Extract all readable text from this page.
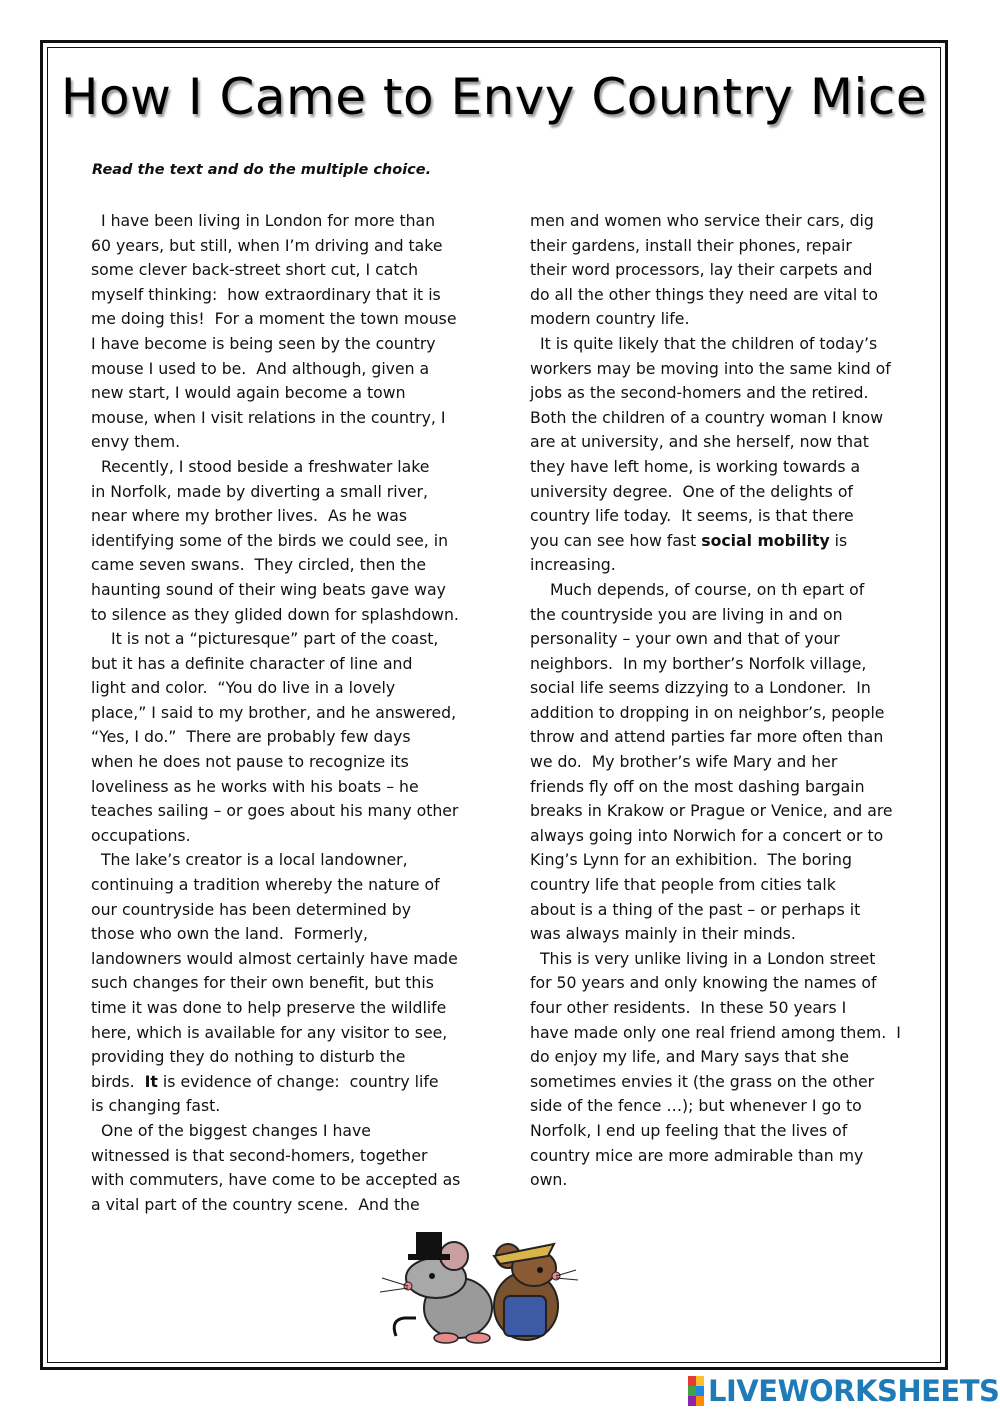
How I Came to Envy Country Mice
Read the text and do the multiple choice.
I have been living in London for more than
60 years, but still, when I’m driving and take
some clever back-street short cut, I catch
myself thinking:  how extraordinary that it is
me doing this!  For a moment the town mouse
I have become is being seen by the country
mouse I used to be.  And although, given a
new start, I would again become a town
mouse, when I visit relations in the country, I
envy them.
Recently, I stood beside a freshwater lake
in Norfolk, made by diverting a small river,
near where my brother lives.  As he was
identifying some of the birds we could see, in
came seven swans.  They circled, then the
haunting sound of their wing beats gave way
to silence as they glided down for splashdown.
It is not a “picturesque” part of the coast,
but it has a definite character of line and
light and color.  “You do live in a lovely
place,” I said to my brother, and he answered,
“Yes, I do.”  There are probably few days
when he does not pause to recognize its
loveliness as he works with his boats – he
teaches sailing – or goes about his many other
occupations.
The lake’s creator is a local landowner,
continuing a tradition whereby the nature of
our countryside has been determined by
those who own the land.  Formerly,
landowners would almost certainly have made
such changes for their own benefit, but this
time it was done to help preserve the wildlife
here, which is available for any visitor to see,
providing they do nothing to disturb the
birds.  It is evidence of change:  country life
is changing fast.
One of the biggest changes I have
witnessed is that second-homers, together
with commuters, have come to be accepted as
a vital part of the country scene.  And the
men and women who service their cars, dig
their gardens, install their phones, repair
their word processors, lay their carpets and
do all the other things they need are vital to
modern country life.
It is quite likely that the children of today’s
workers may be moving into the same kind of
jobs as the second-homers and the retired.
Both the children of a country woman I know
are at university, and she herself, now that
they have left home, is working towards a
university degree.  One of the delights of
country life today.  It seems, is that there
you can see how fast social mobility is
increasing.
Much depends, of course, on th epart of
the countryside you are living in and on
personality – your own and that of your
neighbors.  In my borther’s Norfolk village,
social life seems dizzying to a Londoner.  In
addition to dropping in on neighbor’s, people
throw and attend parties far more often than
we do.  My brother’s wife Mary and her
friends fly off on the most dashing bargain
breaks in Krakow or Prague or Venice, and are
always going into Norwich for a concert or to
King’s Lynn for an exhibition.  The boring
country life that people from cities talk
about is a thing of the past – or perhaps it
was always mainly in their minds.
This is very unlike living in a London street
for 50 years and only knowing the names of
four other residents.  In these 50 years I
have made only one real friend among them.  I
do enjoy my life, and Mary says that she
sometimes envies it (the grass on the other
side of the fence …); but whenever I go to
Norfolk, I end up feeling that the lives of
country mice are more admirable than my
own.
LIVEWORKSHEETS
